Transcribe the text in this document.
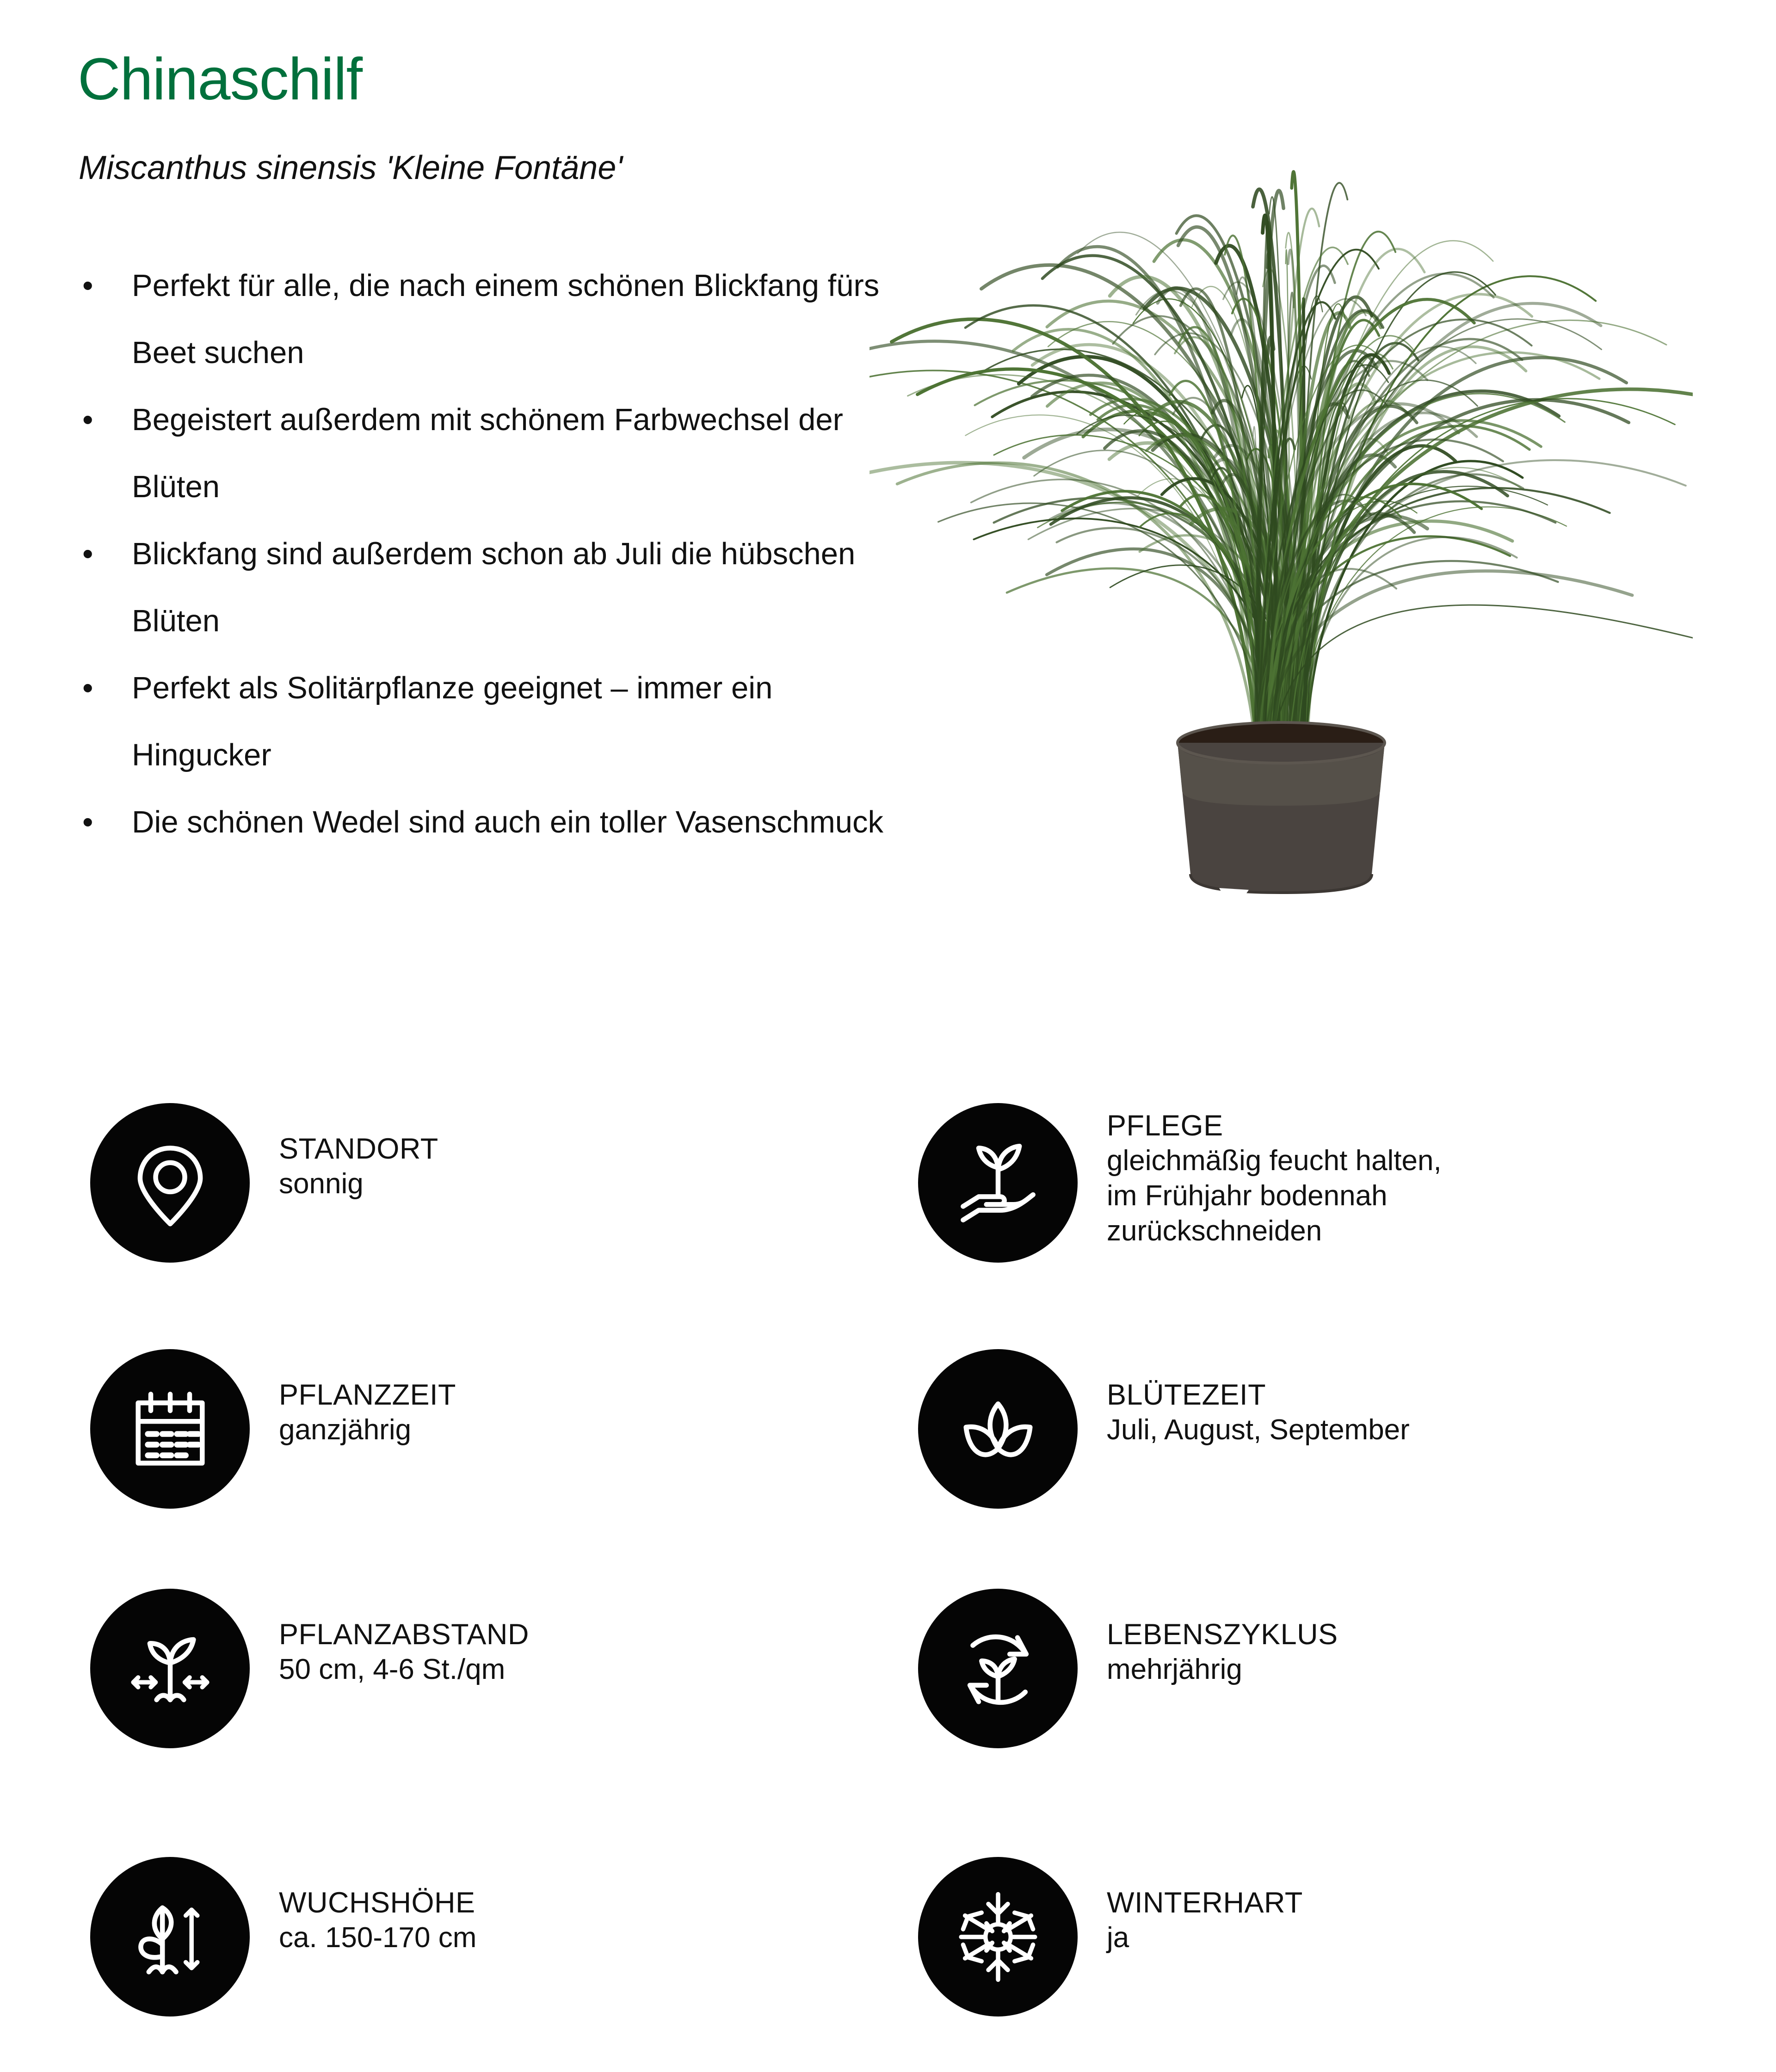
Chinaschilf
Miscanthus sinensis 'Kleine Fontäne'
• Perfekt für alle, die nach einem schönen Blickfang fürs Beet suchen
• Begeistert außerdem mit schönem Farbwechsel der Blüten
• Blickfang sind außerdem schon ab Juli die hübschen Blüten
• Perfekt als Solitärpflanze geeignet – immer ein Hingucker
• Die schönen Wedel sind auch ein toller Vasenschmuck
STANDORT
sonnig
PFLANZZEIT
ganzjährig
PFLANZABSTAND
50 cm, 4-6 St./qm
WUCHSHÖHE
ca. 150-170 cm
PFLEGE
gleichmäßig feucht halten,
im Frühjahr bodennah
zurückschneiden
BLÜTEZEIT
Juli, August, September
LEBENSZYKLUS
mehrjährig
WINTERHART
ja
